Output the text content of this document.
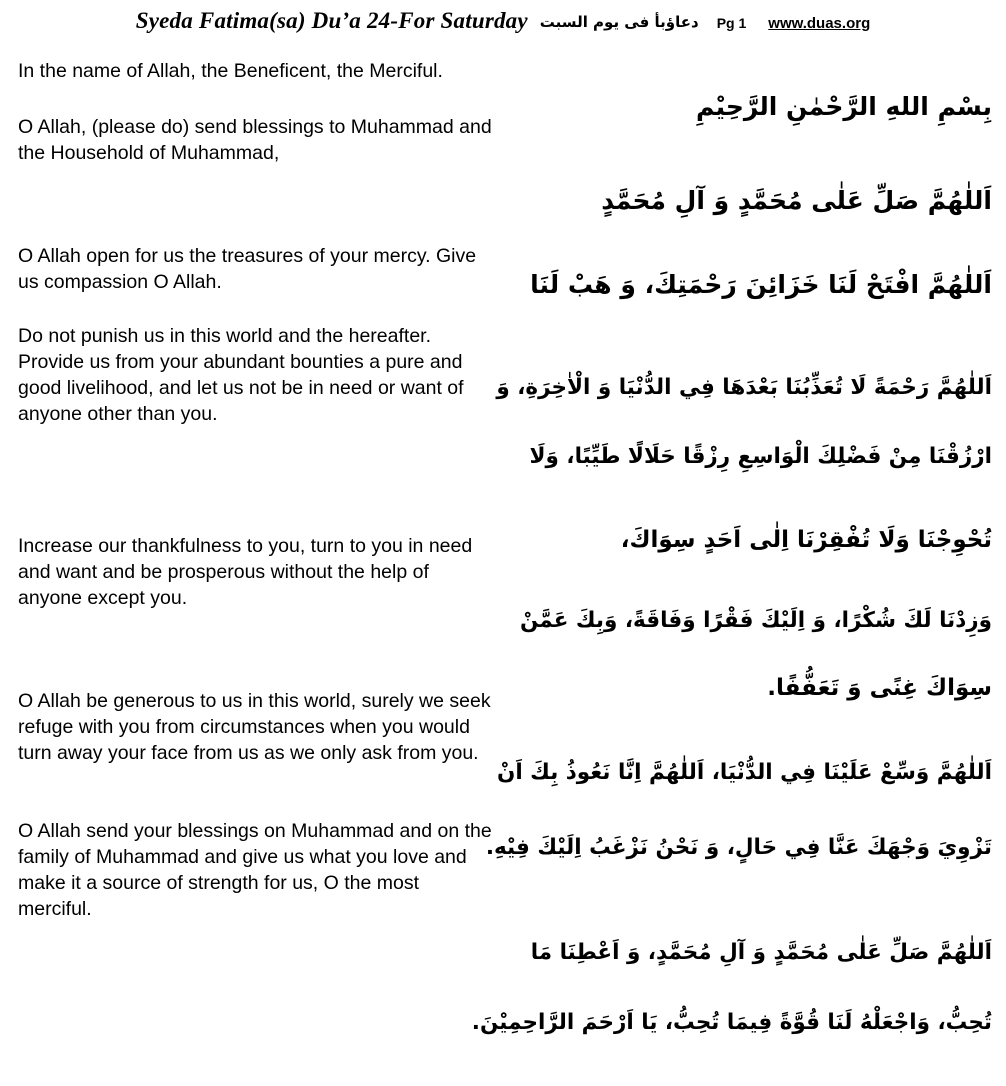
Syeda Fatima(sa) Du’a 24-For Saturday دعاؤبأ فى يوم السبت Pg 1 www.duas.org

In the name of Allah, the Beneficent, the Merciful.

O Allah, (please do) send blessings to Muhammad and the Household of Muhammad,

O Allah open for us the treasures of your mercy. Give us compassion O Allah.

Do not punish us in this world and the hereafter. Provide us from your abundant bounties a pure and good livelihood, and let us not be in need or want of anyone other than you.

Increase our thankfulness to you, turn to you in need and want and be prosperous without the help of anyone except you.

O Allah be generous to us in this world, surely we seek refuge with you from circumstances when you would turn away your face from us as we only ask from you.

O Allah send your blessings on Muhammad and on the family of Muhammad and give us what you love and make it a source of strength for us, O the most merciful.

بِسْمِ اللهِ الرَّحْمٰنِ الرَّحِيْمِ

اَللٰهُمَّ صَلِّ عَلٰى مُحَمَّدٍ وَ آلِ مُحَمَّدٍ

اَللٰهُمَّ افْتَحْ لَنَا خَزَائِنَ رَحْمَتِكَ، وَ هَبْ لَنَا

اَللٰهُمَّ رَحْمَةً لَا تُعَذِّبُنَا بَعْدَهَا فِي الدُّنْيَا وَ الْاٰخِرَةِ، وَ

ارْزُقْنَا مِنْ فَضْلِكَ الْوَاسِعِ رِزْقًا حَلَالًا طَيِّبًا، وَلَا

تُحْوِجْنَا وَلَا تُفْقِرْنَا اِلٰى اَحَدٍ سِوَاكَ،

وَزِدْنَا لَكَ شُكْرًا، وَ اِلَيْكَ فَقْرًا وَفَاقَةً، وَبِكَ عَمَّنْ

سِوَاكَ غِنًى وَ تَعَفُّفًا.

اَللٰهُمَّ وَسِّعْ عَلَيْنَا فِي الدُّنْيَا، اَللٰهُمَّ اِنَّا نَعُوذُ بِكَ اَنْ

تَزْوِيَ وَجْهَكَ عَنَّا فِي حَالٍ، وَ نَحْنُ نَزْغَبُ اِلَيْكَ فِيْهِ.

اَللٰهُمَّ صَلِّ عَلٰى مُحَمَّدٍ وَ آلِ مُحَمَّدٍ، وَ اَعْطِنَا مَا

تُحِبُّ، وَاجْعَلْهُ لَنَا قُوَّةً فِيمَا تُحِبُّ، يَا اَرْحَمَ الرَّاحِمِيْنَ.
